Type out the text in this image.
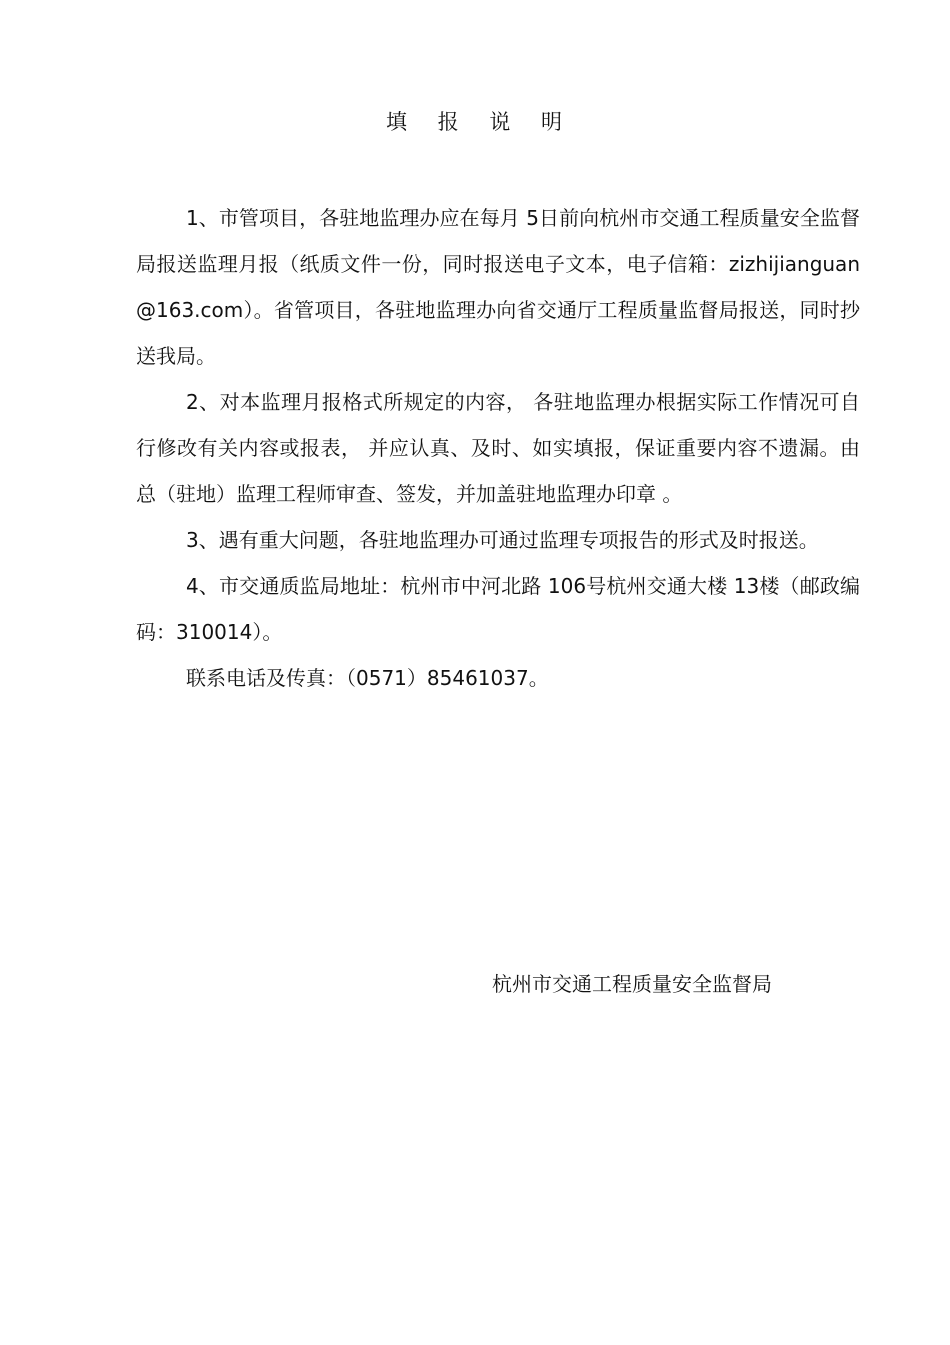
填 报 说 明

1、市管项目，各驻地监理办应在每月 5日前向杭州市交通工程质量安全监督局报送监理月报（纸质文件一份，同时报送电子文本，电子信箱：zizhijianguan@163.com）。省管项目，各驻地监理办向省交通厅工程质量监督局报送，同时抄送我局。

2、对本监理月报格式所规定的内容， 各驻地监理办根据实际工作情况可自行修改有关内容或报表， 并应认真、及时、如实填报，保证重要内容不遗漏。由总（驻地）监理工程师审查、签发，并加盖驻地监理办印章 。

3、遇有重大问题，各驻地监理办可通过监理专项报告的形式及时报送。

4、市交通质监局地址：杭州市中河北路 106号杭州交通大楼 13楼（邮政编码：310014）。

联系电话及传真：（0571）85461037。

杭州市交通工程质量安全监督局
